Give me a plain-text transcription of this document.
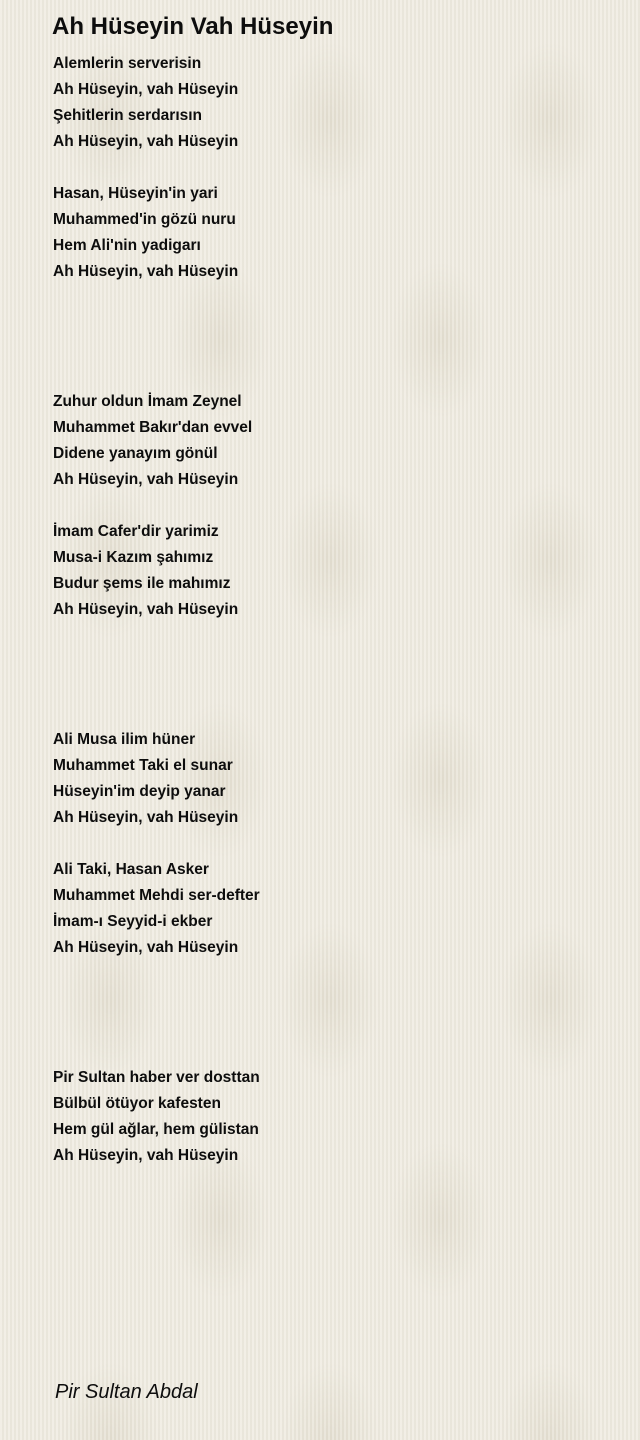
Ah Hüseyin Vah Hüseyin
Alemlerin serverisin
Ah Hüseyin, vah Hüseyin
Şehitlerin serdarısın
Ah Hüseyin, vah Hüseyin
Hasan, Hüseyin'in yari
Muhammed'in gözü nuru
Hem Ali'nin yadigarı
Ah Hüseyin, vah Hüseyin
Zuhur oldun İmam Zeynel
Muhammet Bakır'dan evvel
Didene yanayım gönül
Ah Hüseyin, vah Hüseyin
İmam Cafer'dir yarimiz
Musa-i Kazım şahımız
Budur şems ile mahımız
Ah Hüseyin, vah Hüseyin
Ali Musa ilim hüner
Muhammet Taki el sunar
Hüseyin'im deyip yanar
Ah Hüseyin, vah Hüseyin
Ali Taki, Hasan Asker
Muhammet Mehdi ser-defter
İmam-ı Seyyid-i ekber
Ah Hüseyin, vah Hüseyin
Pir Sultan haber ver dosttan
Bülbül ötüyor kafesten
Hem gül ağlar, hem gülistan
Ah Hüseyin, vah Hüseyin
Pir Sultan Abdal
